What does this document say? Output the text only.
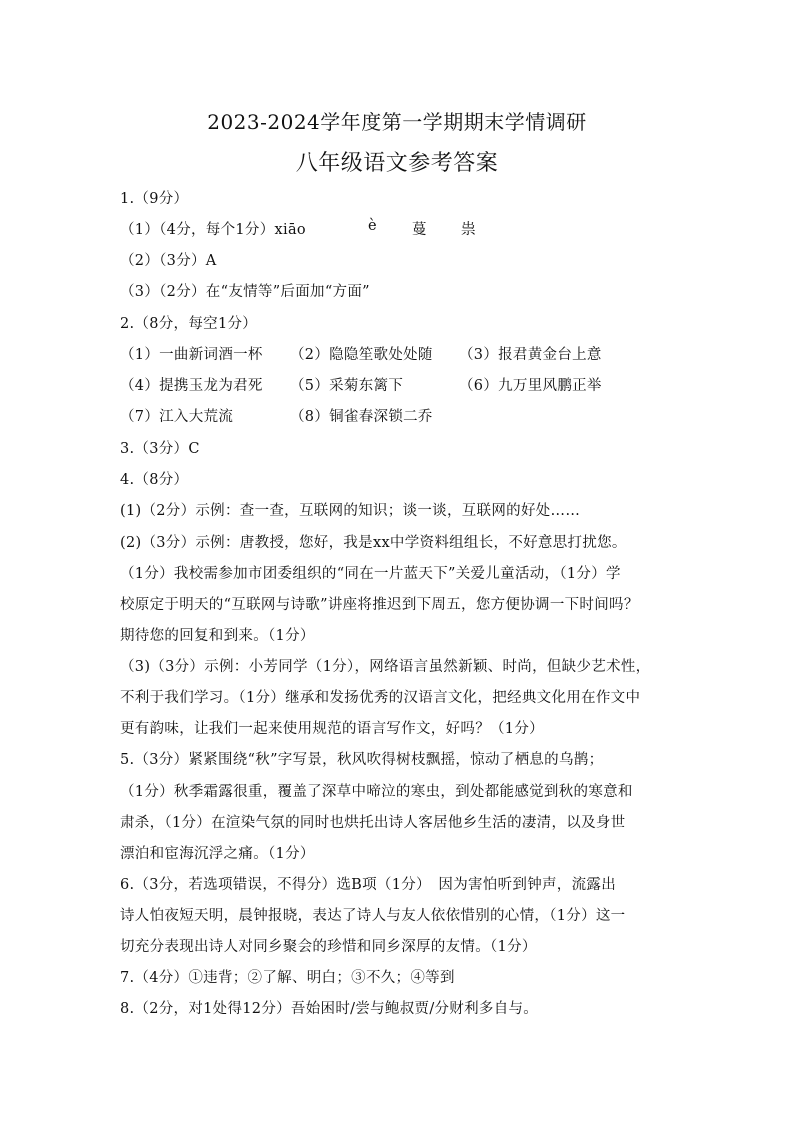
2023-2024学年度第一学期期末学情调研
八年级语文参考答案
1.（9分）
（1）（4分，每个1分）xiāo	è 蔓 祟
（2）（3分）A
（3）（2分）在“友情等”后面加“方面”
2.（8分，每空1分）
（1）一曲新词酒一杯 （2）隐隐笙歌处处随 （3）报君黄金台上意
（4）提携玉龙为君死 （5）采菊东篱下	（6）九万里风鹏正举
（7）江入大荒流	（8）铜雀春深锁二乔
3.（3分）C
4.（8分）
(1)（2分）示例：查一查，互联网的知识；谈一谈，互联网的好处……
(2)（3分）示例：唐教授，您好，我是xx中学资料组组长，不好意思打扰您。
（1分）我校需参加市团委组织的“同在一片蓝天下”关爱儿童活动，（1分）学
校原定于明天的“互联网与诗歌”讲座将推迟到下周五，您方便协调一下时间吗？
期待您的回复和到来。（1分）
（3)（3分）示例：小芳同学（1分），网络语言虽然新颖、时尚，但缺少艺术性，
不利于我们学习。（1分）继承和发扬优秀的汉语言文化，把经典文化用在作文中
更有韵味，让我们一起来使用规范的语言写作文，好吗？（1分）
5.（3分）紧紧围绕“秋”字写景，秋风吹得树枝飘摇，惊动了栖息的乌鹊；
（1分）秋季霜露很重，覆盖了深草中啼泣的寒虫，到处都能感觉到秋的寒意和
肃杀，（1分）在渲染气氛的同时也烘托出诗人客居他乡生活的凄清，以及身世
漂泊和宦海沉浮之痛。（1分）
6.（3分，若选项错误，不得分）选B项（1分）　因为害怕听到钟声，流露出
诗人怕夜短天明，晨钟报晓，表达了诗人与友人依依惜别的心情，（1分）这一
切充分表现出诗人对同乡聚会的珍惜和同乡深厚的友情。（1分）
7.（4分）①违背；②了解、明白；③不久；④等到
8.（2分，对1处得12分）吾始困时/尝与鲍叔贾/分财利多自与。
